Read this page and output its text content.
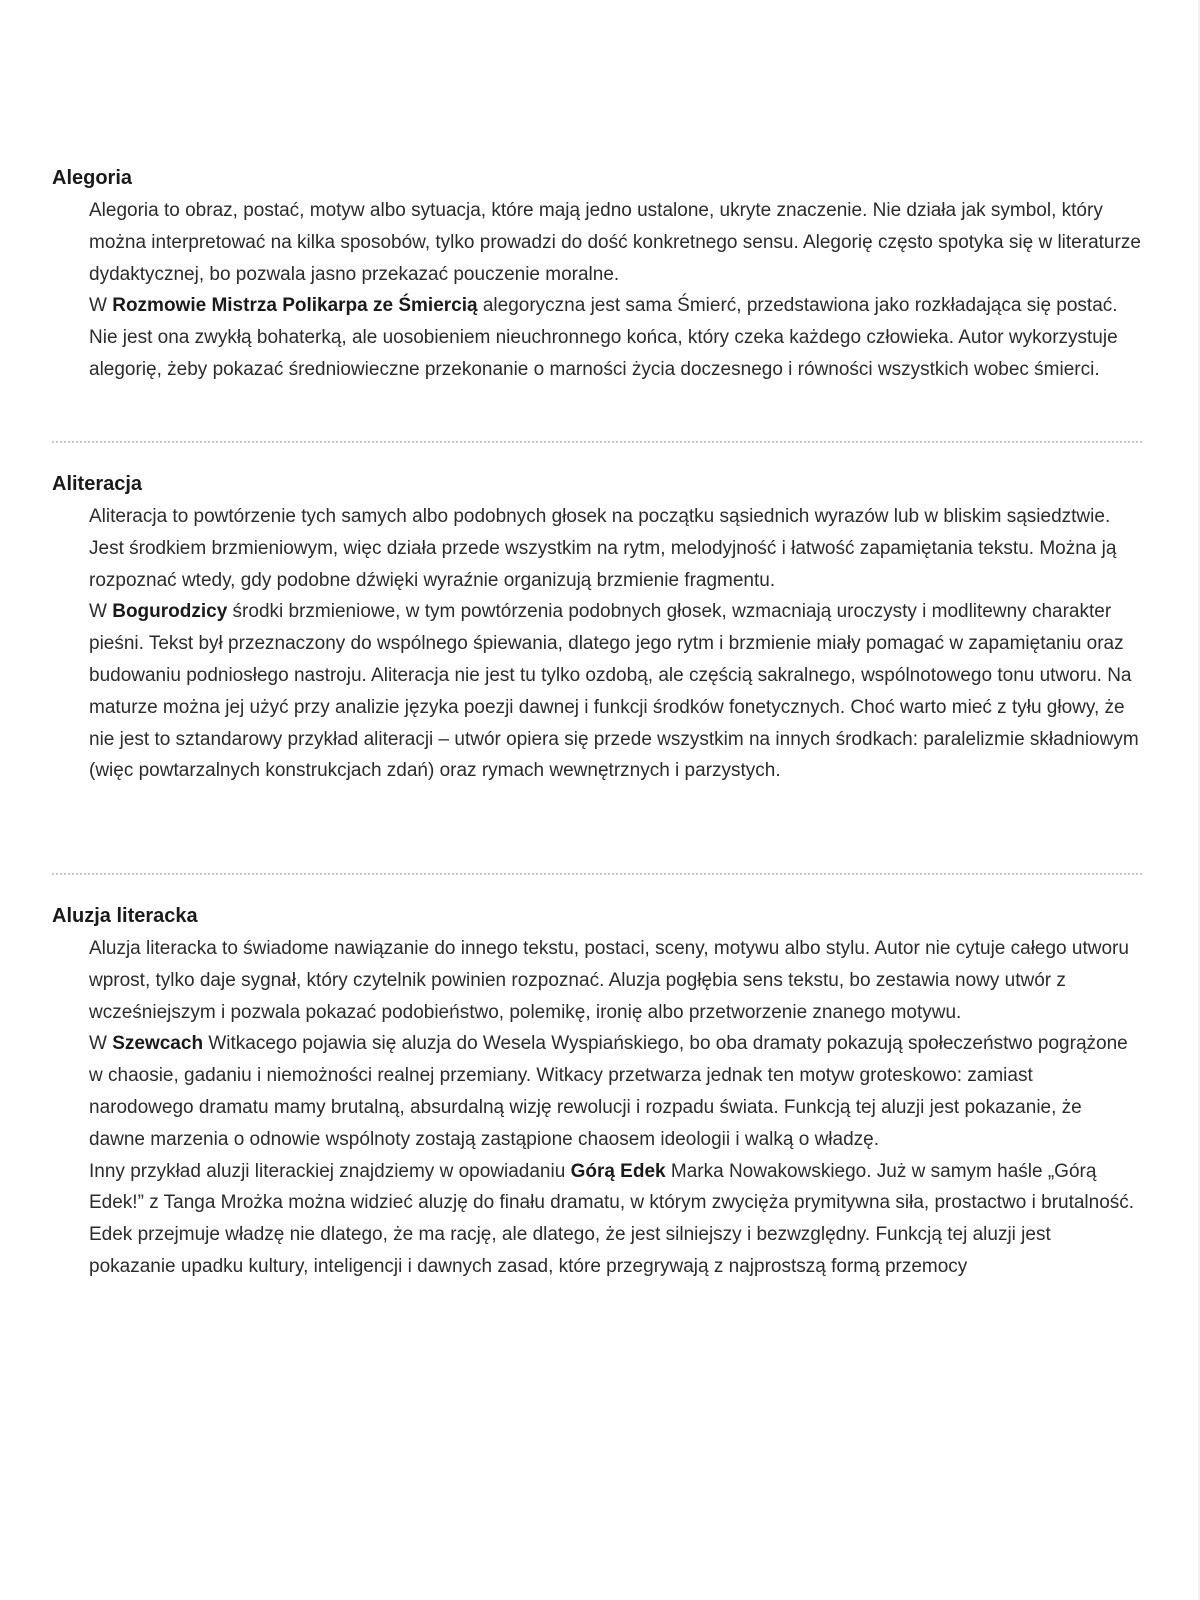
Alegoria

Alegoria to obraz, postać, motyw albo sytuacja, które mają jedno ustalone, ukryte znaczenie. Nie działa jak symbol, który można interpretować na kilka sposobów, tylko prowadzi do dość konkretnego sensu. Alegorię często spotyka się w literaturze dydaktycznej, bo pozwala jasno przekazać pouczenie moralne.

W Rozmowie Mistrza Polikarpa ze Śmiercią alegoryczna jest sama Śmierć, przedstawiona jako rozkładająca się postać. Nie jest ona zwykłą bohaterką, ale uosobieniem nieuchronnego końca, który czeka każdego człowieka. Autor wykorzystuje alegorię, żeby pokazać średniowieczne przekonanie o marności życia doczesnego i równości wszystkich wobec śmierci.

Aliteracja

Aliteracja to powtórzenie tych samych albo podobnych głosek na początku sąsiednich wyrazów lub w bliskim sąsiedztwie. Jest środkiem brzmieniowym, więc działa przede wszystkim na rytm, melodyjność i łatwość zapamiętania tekstu. Można ją rozpoznać wtedy, gdy podobne dźwięki wyraźnie organizują brzmienie fragmentu.

W Bogurodzicy środki brzmieniowe, w tym powtórzenia podobnych głosek, wzmacniają uroczysty i modlitewny charakter pieśni. Tekst był przeznaczony do wspólnego śpiewania, dlatego jego rytm i brzmienie miały pomagać w zapamiętaniu oraz budowaniu podniosłego nastroju. Aliteracja nie jest tu tylko ozdobą, ale częścią sakralnego, wspólnotowego tonu utworu. Na maturze można jej użyć przy analizie języka poezji dawnej i funkcji środków fonetycznych. Choć warto mieć z tyłu głowy, że nie jest to sztandarowy przykład aliteracji – utwór opiera się przede wszystkim na innych środkach: paralelizmie składniowym (więc powtarzalnych konstrukcjach zdań) oraz rymach wewnętrznych i parzystych.

Aluzja literacka

Aluzja literacka to świadome nawiązanie do innego tekstu, postaci, sceny, motywu albo stylu. Autor nie cytuje całego utworu wprost, tylko daje sygnał, który czytelnik powinien rozpoznać. Aluzja pogłębia sens tekstu, bo zestawia nowy utwór z wcześniejszym i pozwala pokazać podobieństwo, polemikę, ironię albo przetworzenie znanego motywu.

W Szewcach Witkacego pojawia się aluzja do Wesela Wyspiańskiego, bo oba dramaty pokazują społeczeństwo pogrążone w chaosie, gadaniu i niemożności realnej przemiany. Witkacy przetwarza jednak ten motyw groteskowo: zamiast narodowego dramatu mamy brutalną, absurdalną wizję rewolucji i rozpadu świata. Funkcją tej aluzji jest pokazanie, że dawne marzenia o odnowie wspólnoty zostają zastąpione chaosem ideologii i walką o władzę.

Inny przykład aluzji literackiej znajdziemy w opowiadaniu Górą Edek Marka Nowakowskiego. Już w samym haśle „Górą Edek!” z Tanga Mrożka można widzieć aluzję do finału dramatu, w którym zwycięża prymitywna siła, prostactwo i brutalność. Edek przejmuje władzę nie dlatego, że ma rację, ale dlatego, że jest silniejszy i bezwzględny. Funkcją tej aluzji jest pokazanie upadku kultury, inteligencji i dawnych zasad, które przegrywają z najprostszą formą przemocy
